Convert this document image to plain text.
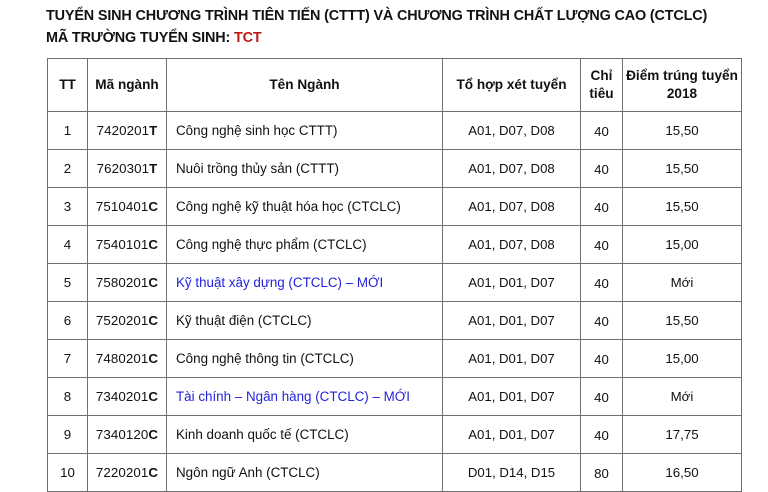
TUYỂN SINH CHƯƠNG TRÌNH TIÊN TIẾN (CTTT) VÀ CHƯƠNG TRÌNH CHẤT LƯỢNG CAO (CTCLC)
MÃ TRƯỜNG TUYỂN SINH: TCT
TT	Mã ngành	Tên Ngành	Tổ hợp xét tuyển	Chỉ tiêu	Điểm trúng tuyển 2018
1	7420201T	Công nghệ sinh học CTTT)	A01, D07, D08	40	15,50
2	7620301T	Nuôi trồng thủy sản (CTTT)	A01, D07, D08	40	15,50
3	7510401C	Công nghệ kỹ thuật hóa học (CTCLC)	A01, D07, D08	40	15,50
4	7540101C	Công nghệ thực phẩm (CTCLC)	A01, D07, D08	40	15,00
5	7580201C	Kỹ thuật xây dựng (CTCLC) – MỚI	A01, D01, D07	40	Mới
6	7520201C	Kỹ thuật điện (CTCLC)	A01, D01, D07	40	15,50
7	7480201C	Công nghệ thông tin (CTCLC)	A01, D01, D07	40	15,00
8	7340201C	Tài chính – Ngân hàng (CTCLC) – MỚI	A01, D01, D07	40	Mới
9	7340120C	Kinh doanh quốc tế (CTCLC)	A01, D01, D07	40	17,75
10	7220201C	Ngôn ngữ Anh (CTCLC)	D01, D14, D15	80	16,50
